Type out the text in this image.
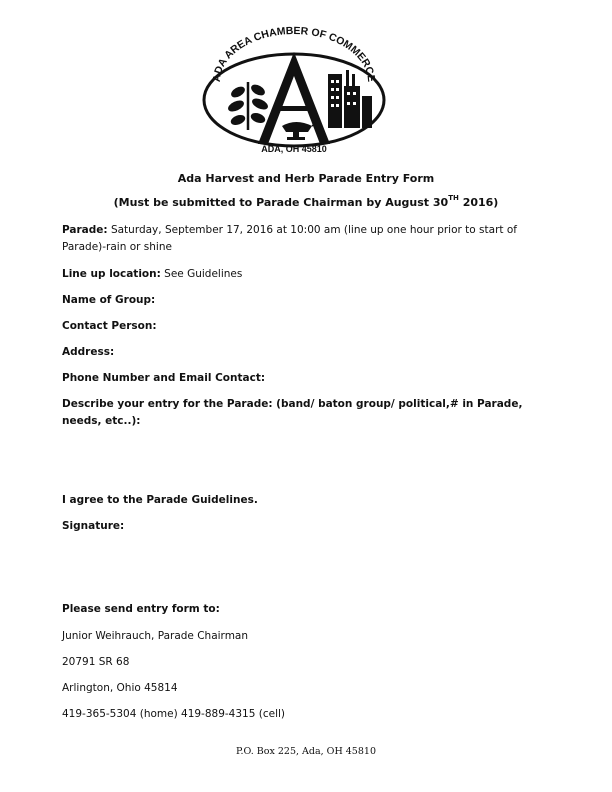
ADA AREA CHAMBER OF COMMERCE
ADA, OH 45810
Ada Harvest and Herb Parade Entry Form
(Must be submitted to Parade Chairman by August 30TH 2016)
Parade: Saturday, September 17, 2016 at 10:00 am (line up one hour prior to start of Parade)-rain or shine
Line up location: See Guidelines
Name of Group:
Contact Person:
Address:
Phone Number and Email Contact:
Describe your entry for the Parade: (band/ baton group/ political,# in Parade, needs, etc..):
I agree to the Parade Guidelines.
Signature:
Please send entry form to:
Junior Weihrauch, Parade Chairman
20791 SR 68
Arlington, Ohio 45814
419-365-5304 (home) 419-889-4315 (cell)
P.O. Box 225, Ada, OH 45810
